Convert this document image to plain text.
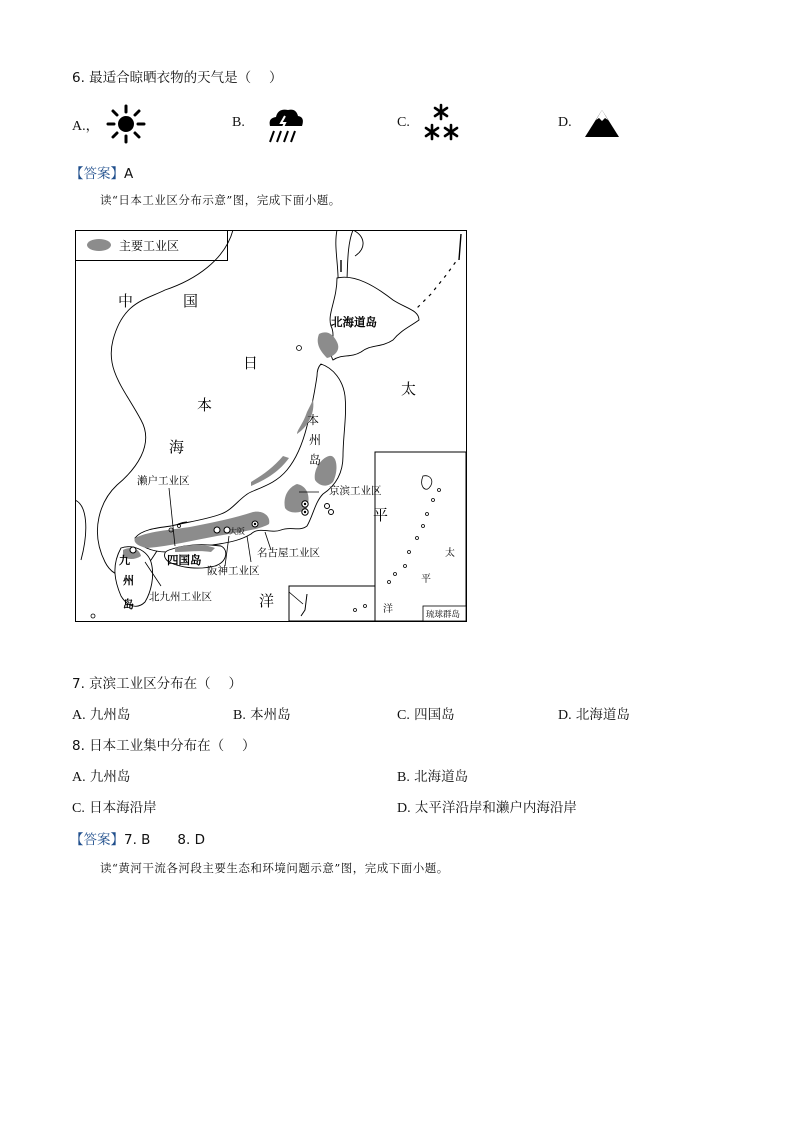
6. 最适合晾晒衣物的天气是（　 ）
A.，	B.	C.	D.
【答案】A
读“日本工业区分布示意”图，完成下面小题。
主要工业区
北海道岛
琉球群岛
中	国
日
本
海
太
平
洋
太
平
洋
本
州
岛
京滨工业区
濑户工业区
大阪
名古屋工业区
阪神工业区
四国岛
九
州
岛
北九州工业区
7. 京滨工业区分布在（　 ）
A. 九州岛	B. 本州岛	C. 四国岛	D. 北海道岛
8. 日本工业集中分布在（　 ）
A. 九州岛	B. 北海道岛
C. 日本海沿岸	D. 太平洋沿岸和濑户内海沿岸
【答案】7. B　　8. D
读“黄河干流各河段主要生态和环境问题示意”图，完成下面小题。
